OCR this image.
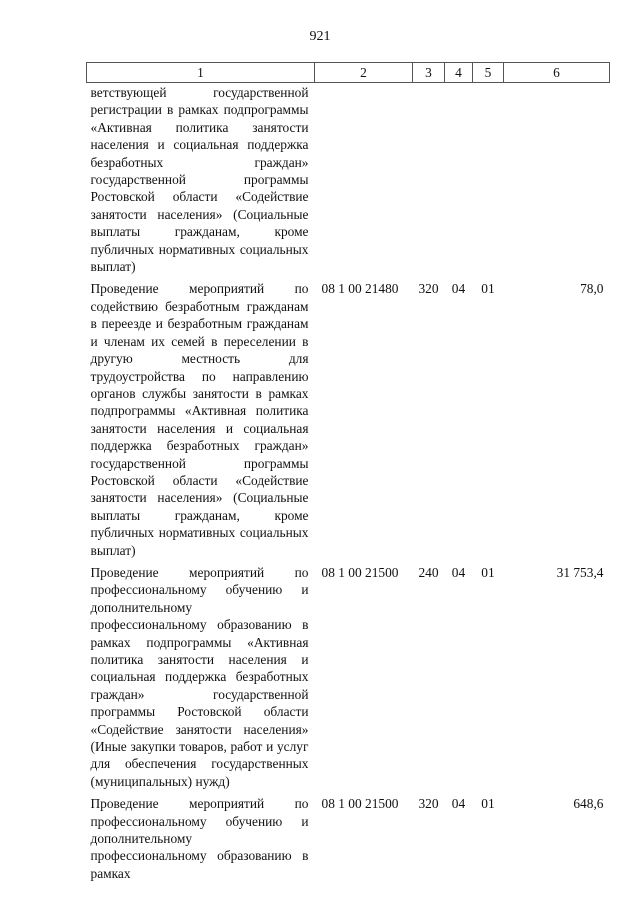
921
1	2	3	4	5	6
ветствующей государственной регистрации в рамках подпрограммы «Активная политика занятости населения и социальная поддержка безработных граждан» государственной программы Ростовской области «Содействие занятости населения» (Социальные выплаты гражданам, кроме публичных нормативных социальных выплат)					
Проведение мероприятий по содействию безработным гражданам в переезде и безработным гражданам и членам их семей в переселении в другую местность для трудоустройства по направлению органов службы занятости в рамках подпрограммы «Активная политика занятости населения и социальная поддержка безработных граждан» государственной программы Ростовской области «Содействие занятости населения» (Социальные выплаты гражданам, кроме публичных нормативных социальных выплат)	08 1 00 21480	320	04	01	78,0
Проведение мероприятий по профессиональному обучению и дополнительному профессиональному образованию в рамках подпрограммы «Активная политика занятости населения и социальная поддержка безработных граждан» государственной программы Ростовской области «Содействие занятости населения» (Иные закупки товаров, работ и услуг для обеспечения государственных (муниципальных) нужд)	08 1 00 21500	240	04	01	31 753,4
Проведение мероприятий по профессиональному обучению и дополнительному профессиональному образованию в рамках	08 1 00 21500	320	04	01	648,6
